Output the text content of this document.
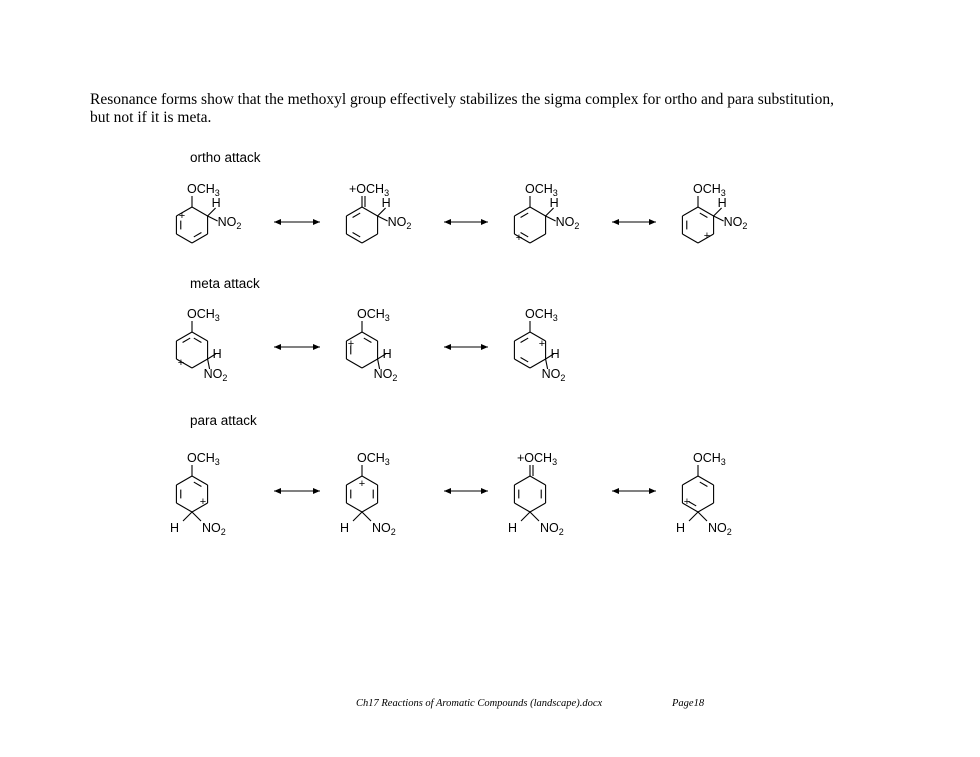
Resonance forms show that the methoxyl group effectively stabilizes the sigma complex for ortho and para substitution, but not if it is meta.

ortho attack

meta attack

para attack

$OCH_3$
H
$NO_2$
+
$+OCH_3$
H
$NO_2$
$OCH_3$
H
$NO_2$
+
$OCH_3$
H
$NO_2$
+
$OCH_3$
H
$NO_2$
+
$OCH_3$
H
$NO_2$
+
$OCH_3$
H
$NO_2$
+
$OCH_3$
H $NO_2$
+
$OCH_3$
H $NO_2$
+
$+OCH_3$
H $NO_2$
$OCH_3$
H $NO_2$
+
Ch17 Reactions of Aromatic Compounds (landscape).docx	Page18
